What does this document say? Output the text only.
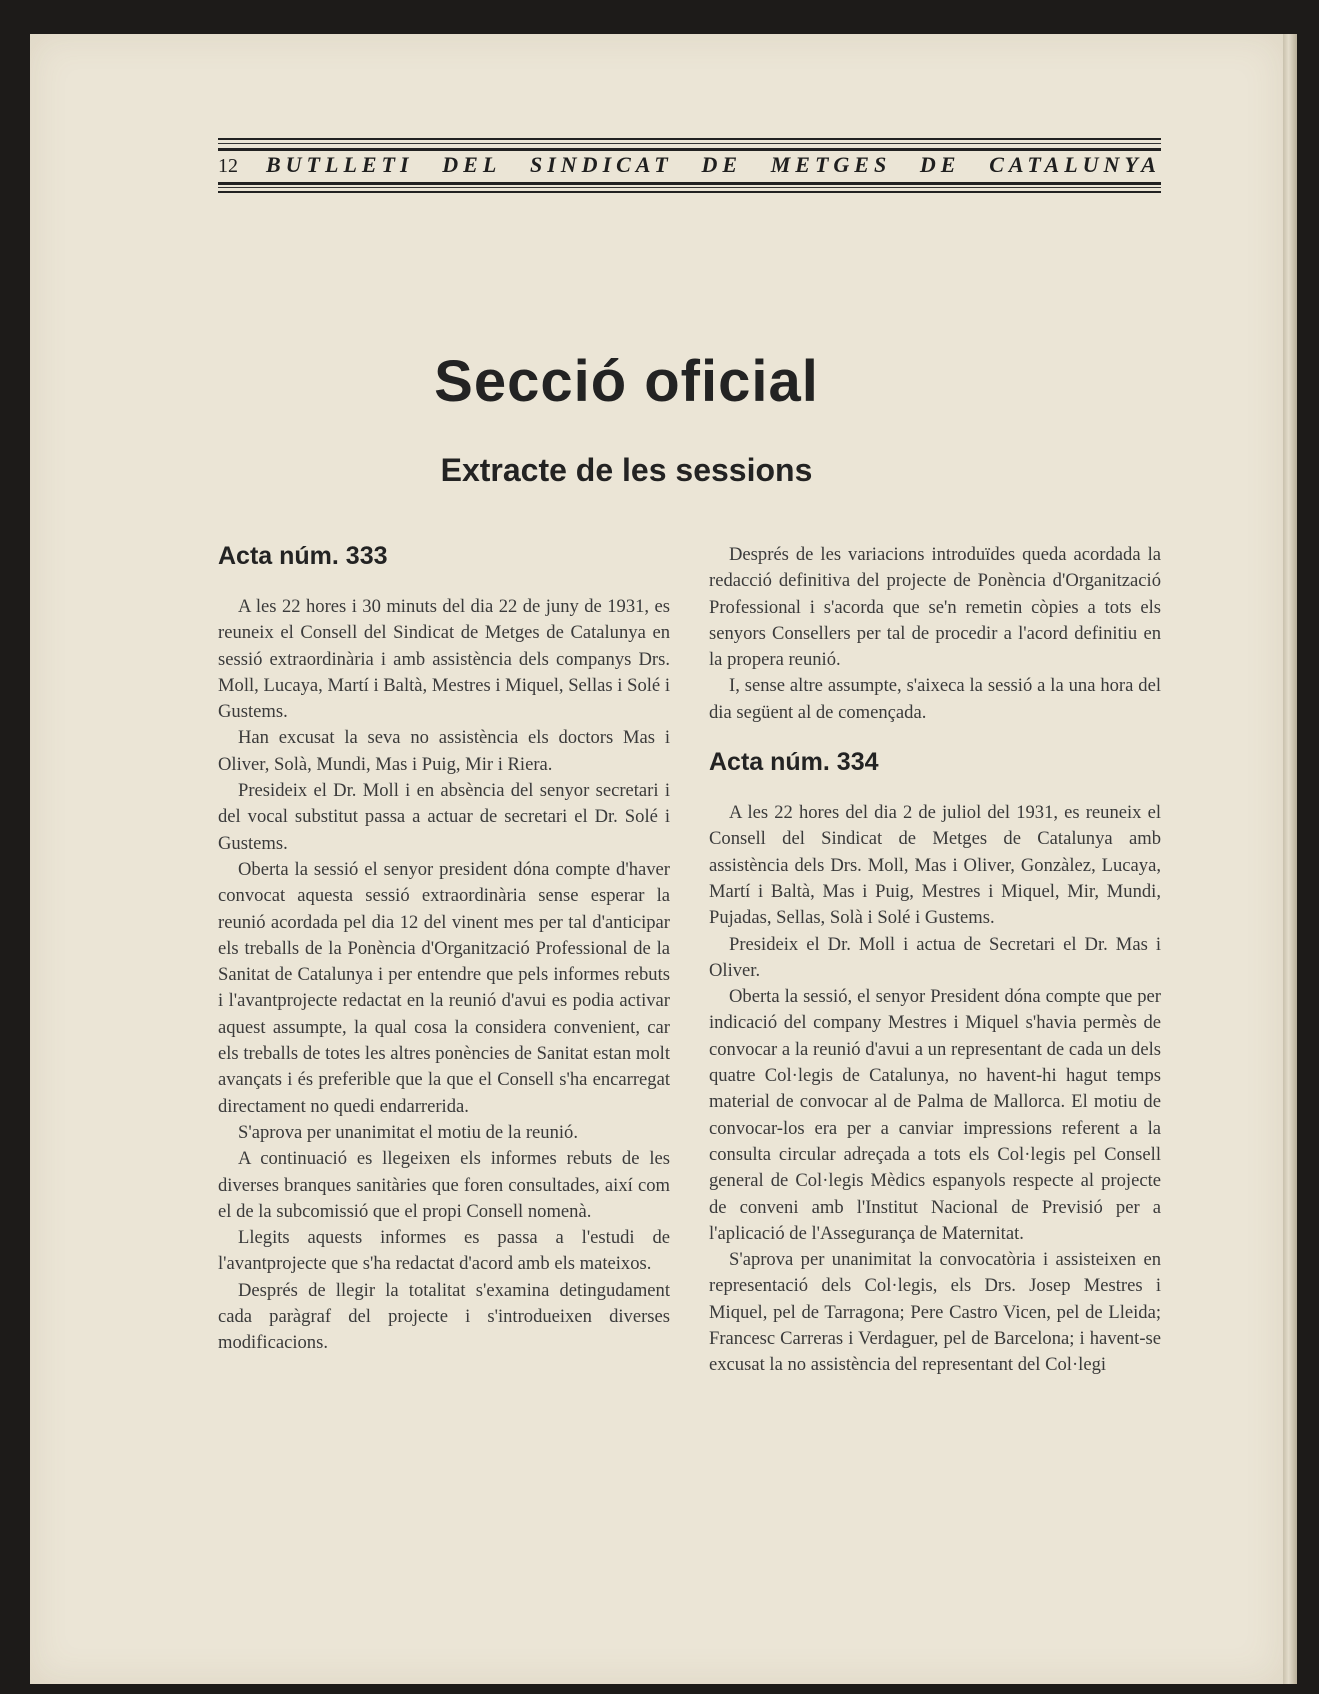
12	BUTLLETI DEL SINDICAT DE METGES DE CATALUNYA
Secció oficial
Extracte de les sessions
Acta núm. 333

A les 22 hores i 30 minuts del dia 22 de juny de 1931, es reuneix el Consell del Sindicat de Metges de Catalunya en sessió extraordinària i amb assistència dels companys Drs. Moll, Lucaya, Martí i Baltà, Mestres i Miquel, Sellas i Solé i Gustems.

Han excusat la seva no assistència els doctors Mas i Oliver, Solà, Mundi, Mas i Puig, Mir i Riera.

Presideix el Dr. Moll i en absència del senyor secretari i del vocal substitut passa a actuar de secretari el Dr. Solé i Gustems.

Oberta la sessió el senyor president dóna compte d'haver convocat aquesta sessió extraordinària sense esperar la reunió acordada pel dia 12 del vinent mes per tal d'anticipar els treballs de la Ponència d'Organització Professional de la Sanitat de Catalunya i per entendre que pels informes rebuts i l'avantprojecte redactat en la reunió d'avui es podia activar aquest assumpte, la qual cosa la considera convenient, car els treballs de totes les altres ponències de Sanitat estan molt avançats i és preferible que la que el Consell s'ha encarregat directament no quedi endarrerida.

S'aprova per unanimitat el motiu de la reunió.

A continuació es llegeixen els informes rebuts de les diverses branques sanitàries que foren consultades, així com el de la subcomissió que el propi Consell nomenà.

Llegits aquests informes es passa a l'estudi de l'avantprojecte que s'ha redactat d'acord amb els mateixos.

Després de llegir la totalitat s'examina detingudament cada paràgraf del projecte i s'introdueixen diverses modificacions.

Després de les variacions introduïdes queda acordada la redacció definitiva del projecte de Ponència d'Organització Professional i s'acorda que se'n remetin còpies a tots els senyors Consellers per tal de procedir a l'acord definitiu en la propera reunió.

I, sense altre assumpte, s'aixeca la sessió a la una hora del dia següent al de començada.

Acta núm. 334

A les 22 hores del dia 2 de juliol del 1931, es reuneix el Consell del Sindicat de Metges de Catalunya amb assistència dels Drs. Moll, Mas i Oliver, Gonzàlez, Lucaya, Martí i Baltà, Mas i Puig, Mestres i Miquel, Mir, Mundi, Pujadas, Sellas, Solà i Solé i Gustems.

Presideix el Dr. Moll i actua de Secretari el Dr. Mas i Oliver.

Oberta la sessió, el senyor President dóna compte que per indicació del company Mestres i Miquel s'havia permès de convocar a la reunió d'avui a un representant de cada un dels quatre Col·legis de Catalunya, no havent-hi hagut temps material de convocar al de Palma de Mallorca. El motiu de convocar-los era per a canviar impressions referent a la consulta circular adreçada a tots els Col·legis pel Consell general de Col·legis Mèdics espanyols respecte al projecte de conveni amb l'Institut Nacional de Previsió per a l'aplicació de l'Assegurança de Maternitat.

S'aprova per unanimitat la convocatòria i assisteixen en representació dels Col·legis, els Drs. Josep Mestres i Miquel, pel de Tarragona; Pere Castro Vicen, pel de Lleida; Francesc Carreras i Verdaguer, pel de Barcelona; i havent-se excusat la no assistència del representant del Col·legi
